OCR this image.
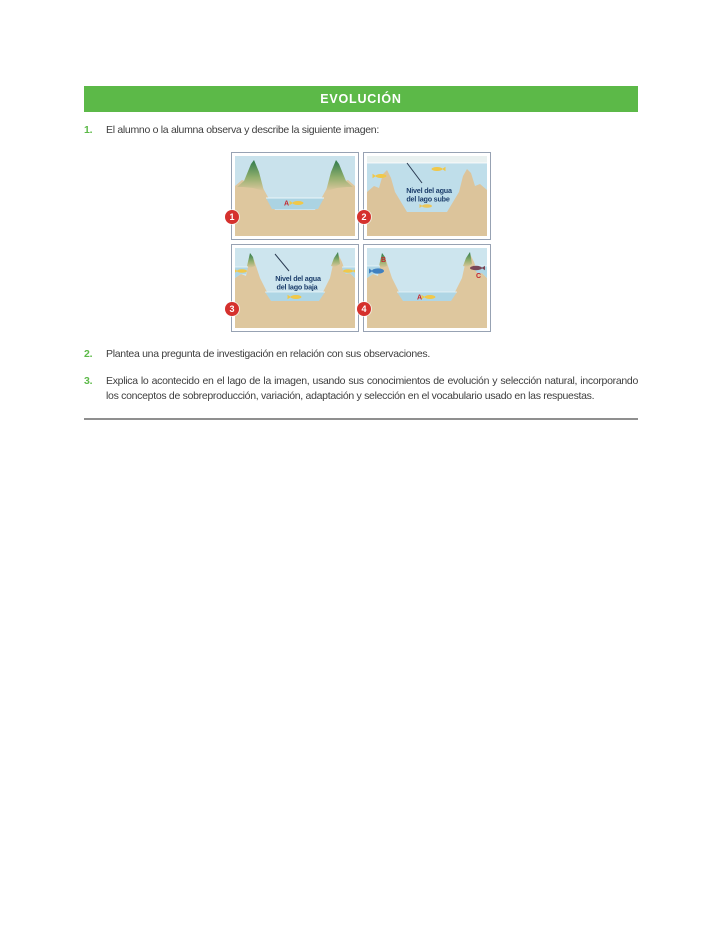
EVOLUCIÓN
1.	El alumno o la alumna observa y describe la siguiente imagen:
A
1
Nivel del agua
del lago sube
2
Nivel del agua
del lago baja
3
B
C
A
4
2.	Plantea una pregunta de investigación en relación con sus observaciones.
3.	Explica lo acontecido en el lago de la imagen, usando sus conocimientos de evolución y selección natural, incorporando los conceptos de sobreproducción, variación, adaptación y selección en el vocabulario usado en las respuestas.
